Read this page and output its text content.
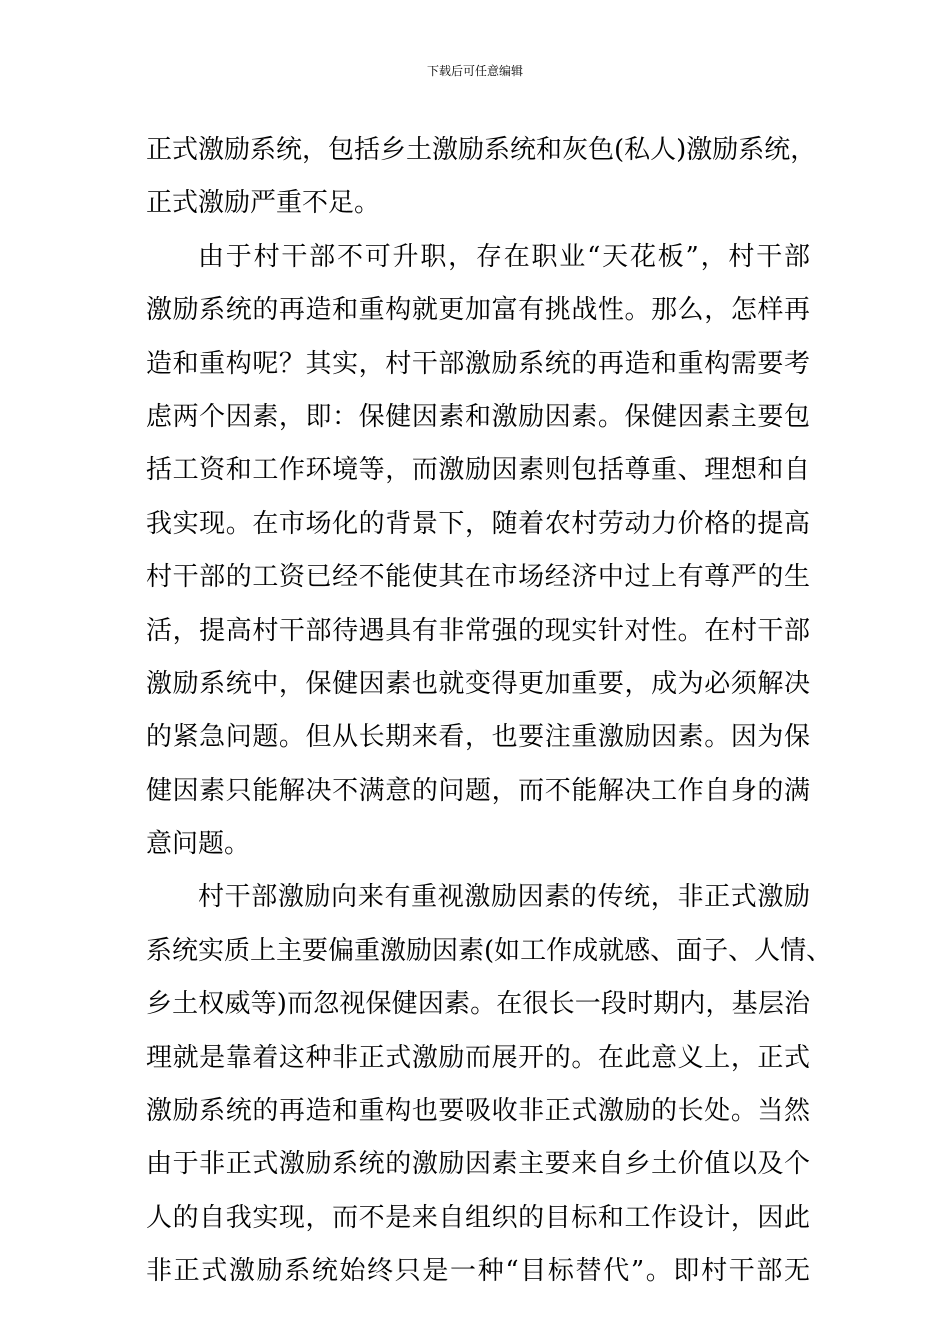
下载后可任意编辑
正式激励系统，包括乡土激励系统和灰色(私人)激励系统，
正式激励严重不足。
由于村干部不可升职，存在职业“天花板”，村干部
激励系统的再造和重构就更加富有挑战性。那么，怎样再
造和重构呢？其实，村干部激励系统的再造和重构需要考
虑两个因素，即：保健因素和激励因素。保健因素主要包
括工资和工作环境等，而激励因素则包括尊重、理想和自
我实现。在市场化的背景下，随着农村劳动力价格的提高
村干部的工资已经不能使其在市场经济中过上有尊严的生
活，提高村干部待遇具有非常强的现实针对性。在村干部
激励系统中，保健因素也就变得更加重要，成为必须解决
的紧急问题。但从长期来看，也要注重激励因素。因为保
健因素只能解决不满意的问题，而不能解决工作自身的满
意问题。
村干部激励向来有重视激励因素的传统，非正式激励
系统实质上主要偏重激励因素(如工作成就感、面子、人情、
乡土权威等)而忽视保健因素。在很长一段时期内，基层治
理就是靠着这种非正式激励而展开的。在此意义上，正式
激励系统的再造和重构也要吸收非正式激励的长处。当然
由于非正式激励系统的激励因素主要来自乡土价值以及个
人的自我实现，而不是来自组织的目标和工作设计，因此
非正式激励系统始终只是一种“目标替代”。即村干部无
